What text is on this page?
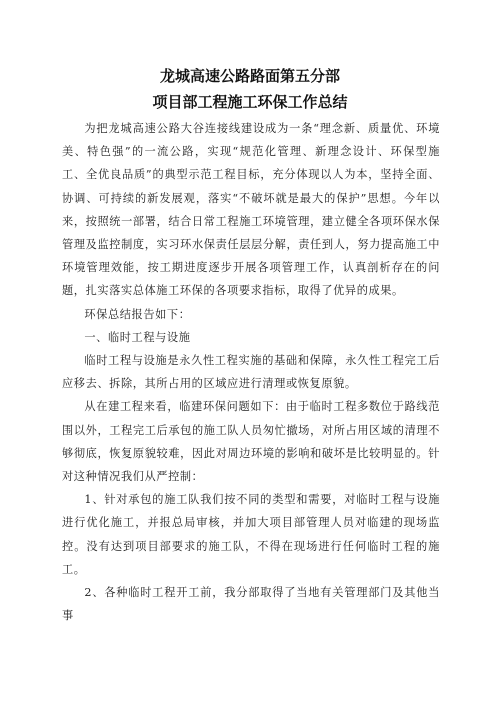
龙城高速公路路面第五分部
项目部工程施工环保工作总结

为把龙城高速公路大谷连接线建设成为一条“理念新、质量优、环境美、特色强”的一流公路，实现“规范化管理、新理念设计、环保型施工、全优良品质”的典型示范工程目标，充分体现以人为本，坚持全面、协调、可持续的新发展观，落实“不破坏就是最大的保护”思想。今年以来，按照统一部署，结合日常工程施工环境管理，建立健全各项环保水保管理及监控制度，实习环水保责任层层分解，责任到人，努力提高施工中环境管理效能，按工期进度逐步开展各项管理工作，认真剖析存在的问题，扎实落实总体施工环保的各项要求指标，取得了优异的成果。

环保总结报告如下：

一、临时工程与设施

临时工程与设施是永久性工程实施的基础和保障，永久性工程完工后应移去、拆除，其所占用的区域应进行清理或恢复原貌。

从在建工程来看，临建环保问题如下：由于临时工程多数位于路线范围以外，工程完工后承包的施工队人员匆忙撤场，对所占用区域的清理不够彻底，恢复原貌较难，因此对周边环境的影响和破坏是比较明显的。针对这种情况我们从严控制：

1、针对承包的施工队我们按不同的类型和需要，对临时工程与设施进行优化施工，并报总局审核，并加大项目部管理人员对临建的现场监控。没有达到项目部要求的施工队，不得在现场进行任何临时工程的施工。

2、各种临时工程开工前，我分部取得了当地有关管理部门及其他当事
